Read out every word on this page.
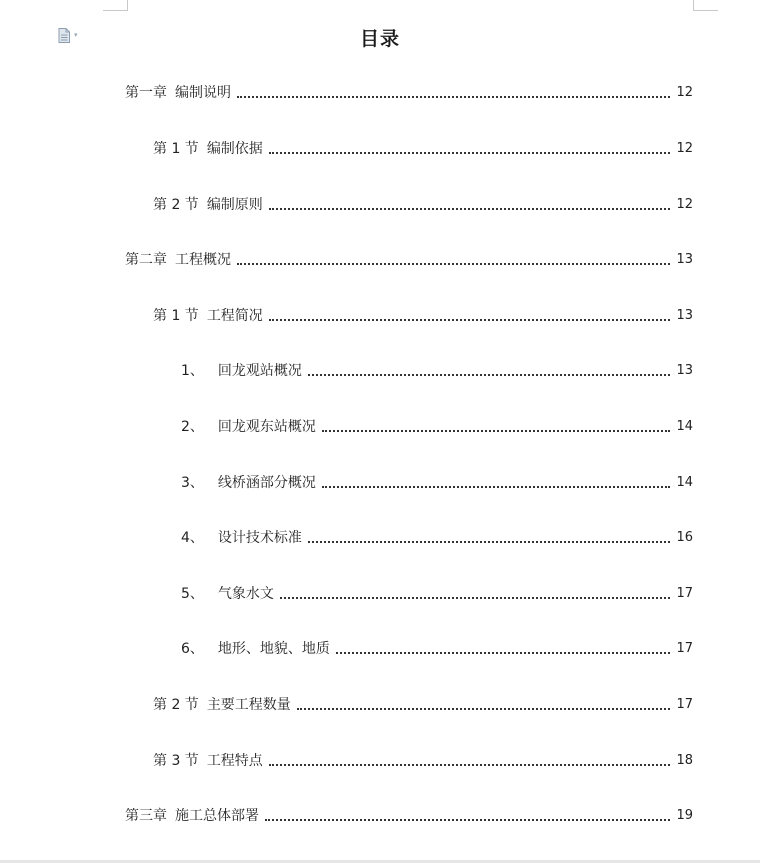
▾	目录
第一章 编制说明	12
第 1 节 编制依据	12
第 2 节 编制原则	12
第二章 工程概况	13
第 1 节 工程简况	13
1、 回龙观站概况	13
2、 回龙观东站概况	14
3、 线桥涵部分概况	14
4、 设计技术标准	16
5、 气象水文	17
6、 地形、地貌、地质	17
第 2 节 主要工程数量	17
第 3 节 工程特点	18
第三章 施工总体部署	19
